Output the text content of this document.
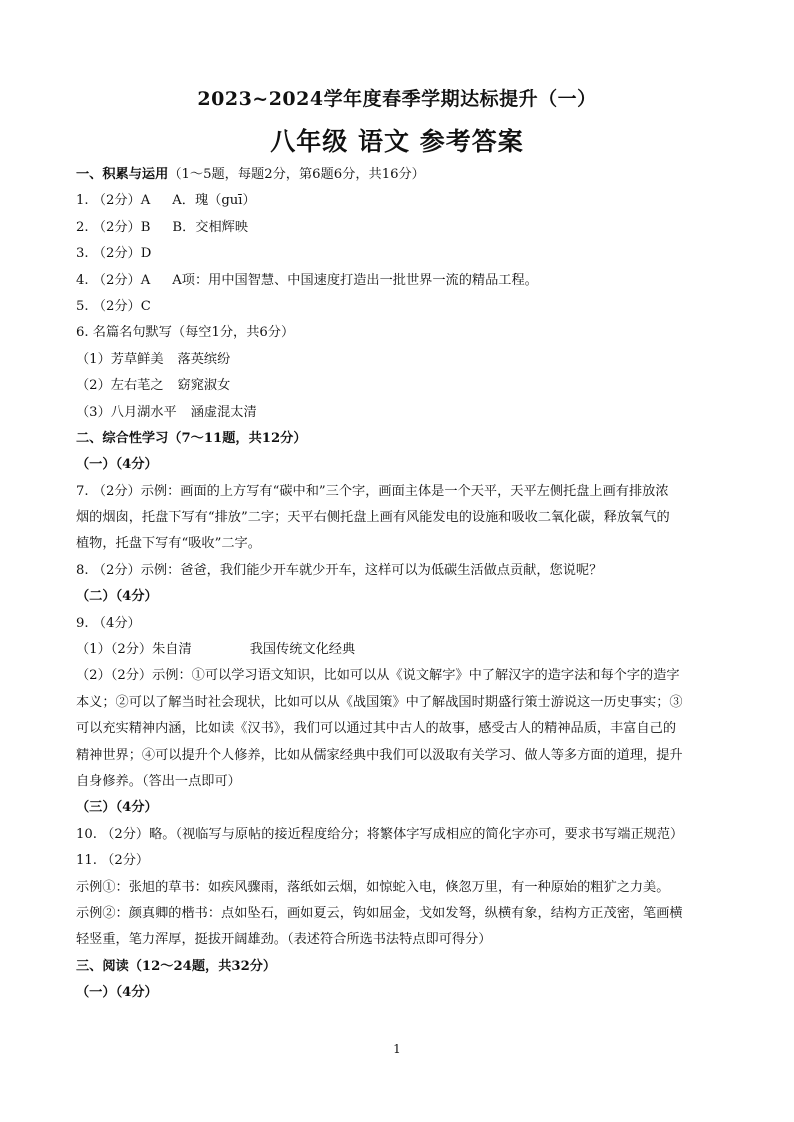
2023~2024学年度春季学期达标提升（一）
八年级 语文 参考答案
一、积累与运用（1～5题，每题2分，第6题6分，共16分）
1. （2分）A A．瑰（guī）
2. （2分）B B．交相辉映
3. （2分）D
4. （2分）A A项：用中国智慧、中国速度打造出一批世界一流的精品工程。
5. （2分）C
6. 名篇名句默写（每空1分，共6分）
（1）芳草鲜美 落英缤纷
（2）左右芼之 窈窕淑女
（3）八月湖水平 涵虚混太清
二、综合性学习（7～11题，共12分）
（一）（4分）
7. （2分）示例：画面的上方写有“碳中和”三个字，画面主体是一个天平，天平左侧托盘上画有排放浓
烟的烟囱，托盘下写有“排放”二字；天平右侧托盘上画有风能发电的设施和吸收二氧化碳，释放氧气的
植物，托盘下写有“吸收”二字。
8. （2分）示例：爸爸，我们能少开车就少开车，这样可以为低碳生活做点贡献，您说呢？
（二）（4分）
9. （4分）
（1）（2分）朱自清	我国传统文化经典
（2）（2分）示例：①可以学习语文知识，比如可以从《说文解字》中了解汉字的造字法和每个字的造字
本义；②可以了解当时社会现状，比如可以从《战国策》中了解战国时期盛行策士游说这一历史事实；③
可以充实精神内涵，比如读《汉书》，我们可以通过其中古人的故事，感受古人的精神品质，丰富自己的
精神世界；④可以提升个人修养，比如从儒家经典中我们可以汲取有关学习、做人等多方面的道理，提升
自身修养。（答出一点即可）
（三）（4分）
10. （2分）略。（视临写与原帖的接近程度给分；将繁体字写成相应的简化字亦可，要求书写端正规范）
11. （2分）
示例①：张旭的草书：如疾风骤雨，落纸如云烟，如惊蛇入电，倏忽万里，有一种原始的粗犷之力美。
示例②：颜真卿的楷书：点如坠石，画如夏云，钩如屈金，戈如发弩，纵横有象，结构方正茂密，笔画横
轻竖重，笔力浑厚，挺拔开阔雄劲。（表述符合所选书法特点即可得分）
三、阅读（12～24题，共32分）
（一）（4分）
1
